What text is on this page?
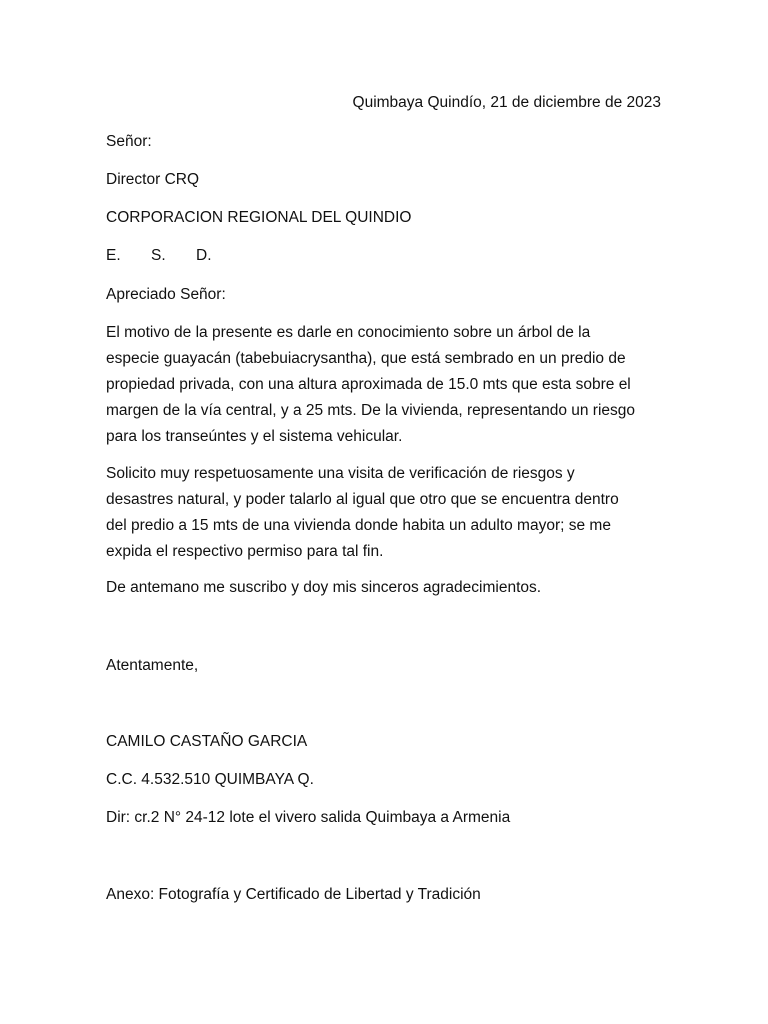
Quimbaya Quindío, 21 de diciembre de 2023
Señor:
Director CRQ
CORPORACION REGIONAL DEL QUINDIO
E. S. D.
Apreciado Señor:
El motivo de la presente es darle en conocimiento sobre un árbol de la
especie guayacán (tabebuiacrysantha), que está sembrado en un predio de
propiedad privada, con una altura aproximada de 15.0 mts que esta sobre el
margen de la vía central, y a 25 mts. De la vivienda, representando un riesgo
para los transeúntes y el sistema vehicular.
Solicito muy respetuosamente una visita de verificación de riesgos y
desastres natural, y poder talarlo al igual que otro que se encuentra dentro
del predio a 15 mts de una vivienda donde habita un adulto mayor; se me
expida el respectivo permiso para tal fin.
De antemano me suscribo y doy mis sinceros agradecimientos.
Atentamente,
CAMILO CASTAÑO GARCIA
C.C. 4.532.510 QUIMBAYA Q.
Dir: cr.2 N° 24-12 lote el vivero salida Quimbaya a Armenia
Anexo: Fotografía y Certificado de Libertad y Tradición
